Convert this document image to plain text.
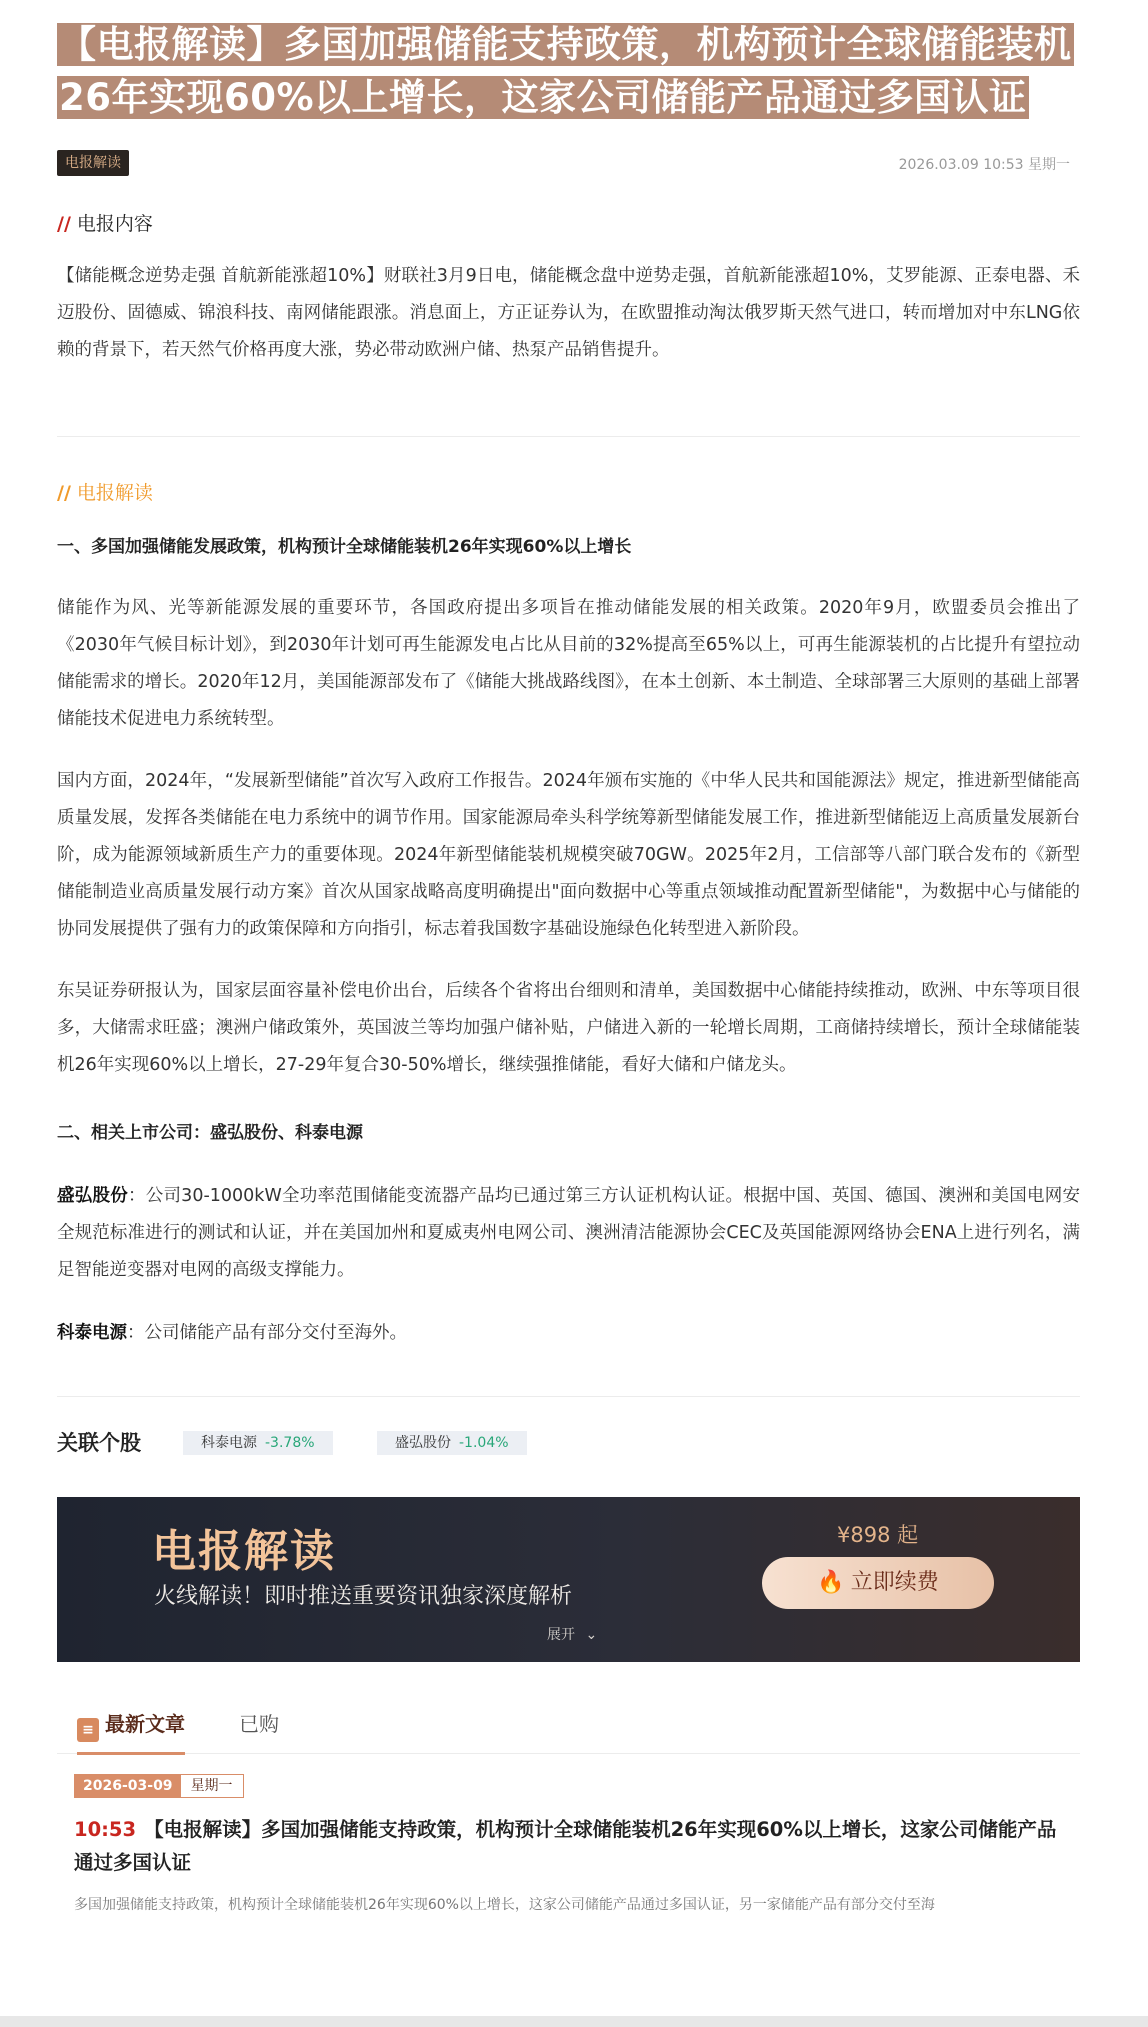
【电报解读】多国加强储能支持政策，机构预计全球储能装机26年实现60%以上增长，这家公司储能产品通过多国认证
电报解读	2026.03.09 10:53 星期一
// 电报内容

【储能概念逆势走强 首航新能涨超10%】财联社3月9日电，储能概念盘中逆势走强，首航新能涨超10%，艾罗能源、正泰电器、禾迈股份、固德威、锦浪科技、南网储能跟涨。消息面上，方正证券认为，在欧盟推动淘汰俄罗斯天然气进口，转而增加对中东LNG依赖的背景下，若天然气价格再度大涨，势必带动欧洲户储、热泵产品销售提升。

// 电报解读
一、多国加强储能发展政策，机构预计全球储能装机26年实现60%以上增长

储能作为风、光等新能源发展的重要环节，各国政府提出多项旨在推动储能发展的相关政策。2020年9月，欧盟委员会推出了《2030年气候目标计划》，到2030年计划可再生能源发电占比从目前的32%提高至65%以上，可再生能源装机的占比提升有望拉动储能需求的增长。2020年12月，美国能源部发布了《储能大挑战路线图》，在本土创新、本土制造、全球部署三大原则的基础上部署储能技术促进电力系统转型。

国内方面，2024年，“发展新型储能”首次写入政府工作报告。2024年颁布实施的《中华人民共和国能源法》规定，推进新型储能高质量发展，发挥各类储能在电力系统中的调节作用。国家能源局牵头科学统筹新型储能发展工作，推进新型储能迈上高质量发展新台阶，成为能源领域新质生产力的重要体现。2024年新型储能装机规模突破70GW。2025年2月，工信部等八部门联合发布的《新型储能制造业高质量发展行动方案》首次从国家战略高度明确提出"面向数据中心等重点领域推动配置新型储能"，为数据中心与储能的协同发展提供了强有力的政策保障和方向指引，标志着我国数字基础设施绿色化转型进入新阶段。

东吴证券研报认为，国家层面容量补偿电价出台，后续各个省将出台细则和清单，美国数据中心储能持续推动，欧洲、中东等项目很多，大储需求旺盛；澳洲户储政策外，英国波兰等均加强户储补贴，户储进入新的一轮增长周期，工商储持续增长，预计全球储能装机26年实现60%以上增长，27-29年复合30-50%增长，继续强推储能，看好大储和户储龙头。

二、相关上市公司：盛弘股份、科泰电源

盛弘股份：公司30-1000kW全功率范围储能变流器产品均已通过第三方认证机构认证。根据中国、英国、德国、澳洲和美国电网安全规范标准进行的测试和认证，并在美国加州和夏威夷州电网公司、澳洲清洁能源协会CEC及英国能源网络协会ENA上进行列名，满足智能逆变器对电网的高级支撑能力。

科泰电源：公司储能产品有部分交付至海外。

关联个股	科泰电源 -3.78%	盛弘股份 -1.04%
电报解读
火线解读！即时推送重要资讯独家深度解析
展开 ⌄
¥898 起
🔥 立即续费
≡ 最新文章	已购
2026-03-09 星期一
10:53 【电报解读】多国加强储能支持政策，机构预计全球储能装机26年实现60%以上增长，这家公司储能产品通过多国认证
多国加强储能支持政策，机构预计全球储能装机26年实现60%以上增长，这家公司储能产品通过多国认证，另一家储能产品有部分交付至海
